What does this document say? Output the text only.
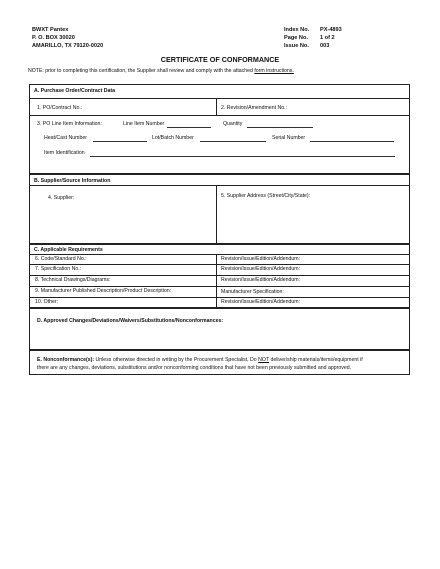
BWXT Pantex
P. O. BOX 30020
AMARILLO, TX 79120-0020
Index No.	PX-4893
Page No.	1 of 2
Issue No.	003
CERTIFICATE OF CONFORMANCE
NOTE: prior to completing this certification, the Supplier shall review and comply with the attached form instructions.
A. Purchase Order/Contract Data
1. PO/Contract No.:	2. Revision/Amendment No.:
3. PO Line Item Information:	Line Item Number	Quantity
Heat/Cast Number	Lot/Batch Number	Serial Number
Item Identification
B. Supplier/Source Information
4. Supplier:	5. Supplier Address (Street/City/State):
C. Applicable Requirements
6. Code/Standard No.:	Revision/Issue/Edition/Addendum:
7. Specification No.:	Revision/Issue/Edition/Addendum:
8. Technical Drawings/Diagrams:	Revision/Issue/Edition/Addendum:
9. Manufacturer Published Description/Product Description:	Manufacturer Specification:
10. Other:	Revision/Issue/Edition/Addendum:
D. Approved Changes/Deviations/Waivers/Substitutions/Nonconformances:
E. Nonconformance(s): Unless otherwise directed in writing by the Procurement Specialist, Do NOT deliver/ship materials/items/equipment if
there are any changes, deviations, substitutions and/or nonconforming conditions that have not been previously submitted and approved.
